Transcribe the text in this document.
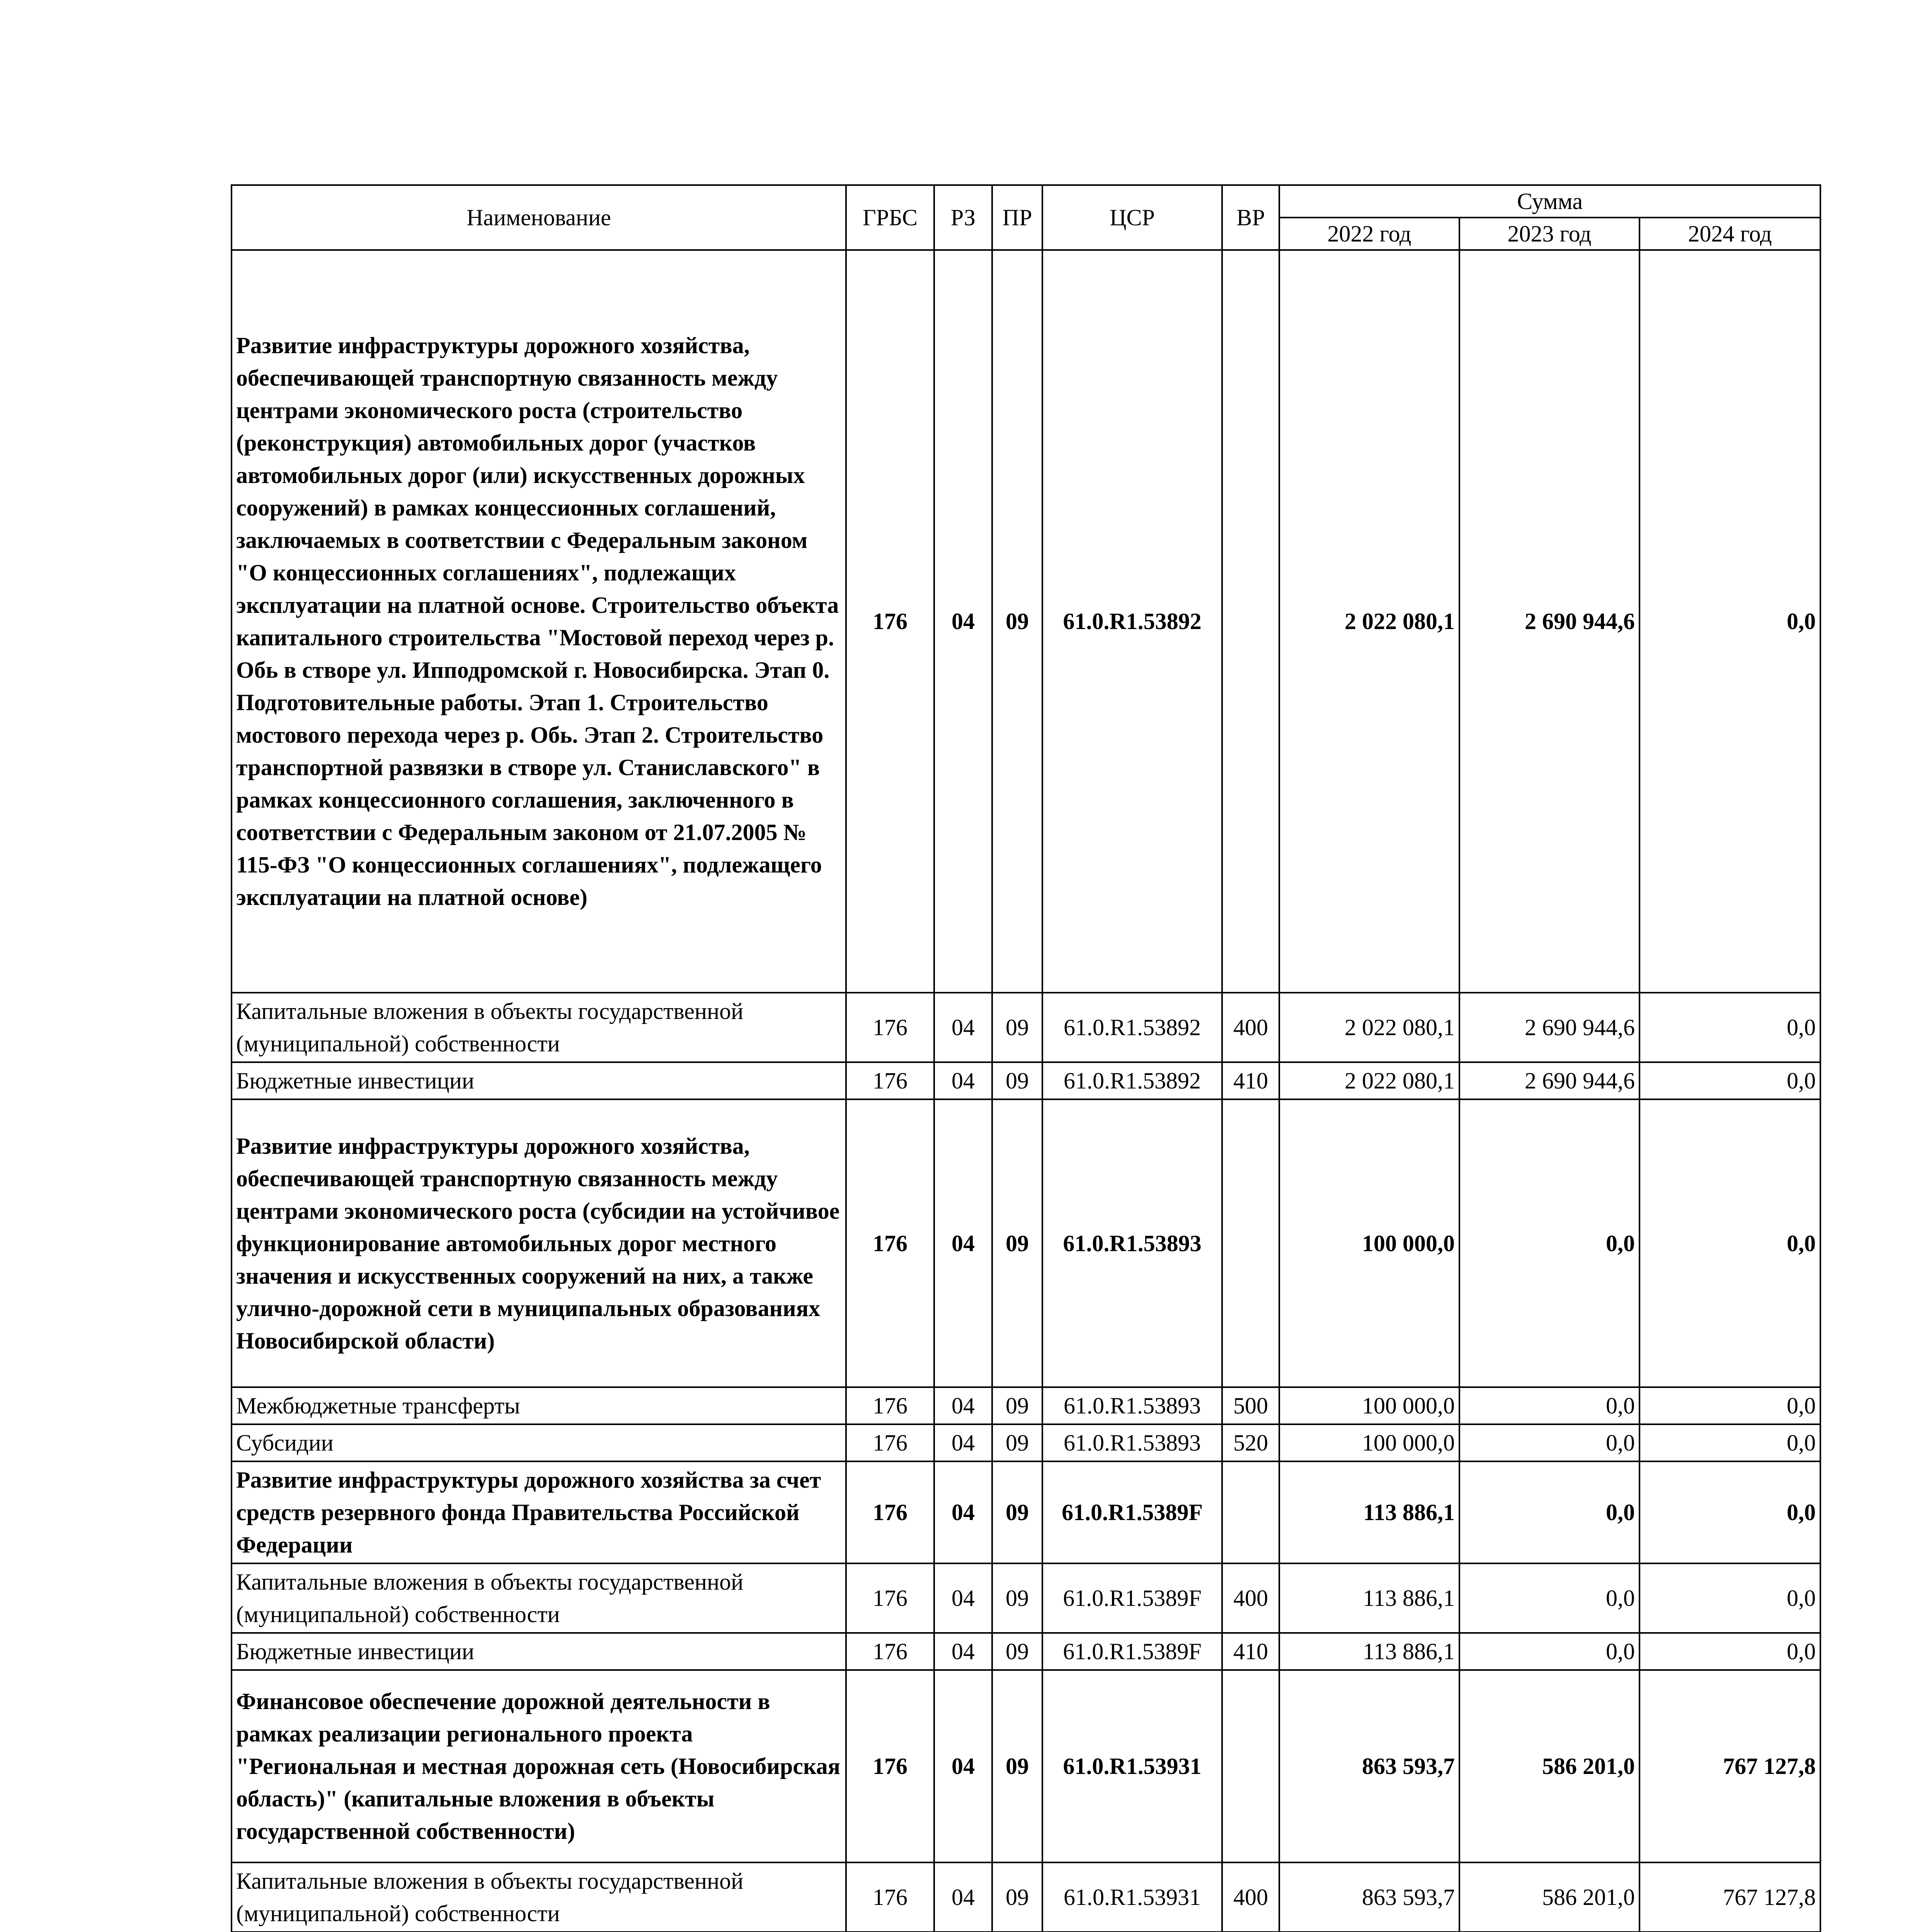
Наименование	ГРБС	РЗ	ПР	ЦСР	ВР	Сумма		
						2022 год	2023 год	2024 год
Развитие инфраструктуры дорожного хозяйства, обеспечивающей транспортную связанность между центрами экономического роста (строительство (реконструкция) автомобильных дорог (участков автомобильных дорог (или) искусственных дорожных сооружений) в рамках концессионных соглашений, заключаемых в соответствии с Федеральным законом "О концессионных соглашениях", подлежащих эксплуатации на платной основе. Строительство объекта капитального строительства "Мостовой переход через р. Обь в створе ул. Ипподромской г. Новосибирска. Этап 0. Подготовительные работы. Этап 1. Строительство мостового перехода через р. Обь. Этап 2. Строительство транспортной развязки в створе ул. Станиславского" в рамках концессионного соглашения, заключенного в соответствии с Федеральным законом от 21.07.2005 № 115-ФЗ "О концессионных соглашениях", подлежащего эксплуатации на платной основе)	176	04	09	61.0.R1.53892		2 022 080,1	2 690 944,6	0,0
Капитальные вложения в объекты государственной (муниципальной) собственности	176	04	09	61.0.R1.53892	400	2 022 080,1	2 690 944,6	0,0
Бюджетные инвестиции	176	04	09	61.0.R1.53892	410	2 022 080,1	2 690 944,6	0,0
Развитие инфраструктуры дорожного хозяйства, обеспечивающей транспортную связанность между центрами экономического роста (субсидии на устойчивое функционирование автомобильных дорог местного значения и искусственных сооружений на них, а также улично-дорожной сети в муниципальных образованиях Новосибирской области)	176	04	09	61.0.R1.53893		100 000,0	0,0	0,0
Межбюджетные трансферты	176	04	09	61.0.R1.53893	500	100 000,0	0,0	0,0
Субсидии	176	04	09	61.0.R1.53893	520	100 000,0	0,0	0,0
Развитие инфраструктуры дорожного хозяйства за счет средств резервного фонда Правительства Российской Федерации	176	04	09	61.0.R1.5389F		113 886,1	0,0	0,0
Капитальные вложения в объекты государственной (муниципальной) собственности	176	04	09	61.0.R1.5389F	400	113 886,1	0,0	0,0
Бюджетные инвестиции	176	04	09	61.0.R1.5389F	410	113 886,1	0,0	0,0
Финансовое обеспечение дорожной деятельности в рамках реализации регионального проекта "Региональная и местная дорожная сеть (Новосибирская область)" (капитальные вложения в объекты государственной собственности)	176	04	09	61.0.R1.53931		863 593,7	586 201,0	767 127,8
Капитальные вложения в объекты государственной (муниципальной) собственности	176	04	09	61.0.R1.53931	400	863 593,7	586 201,0	767 127,8
